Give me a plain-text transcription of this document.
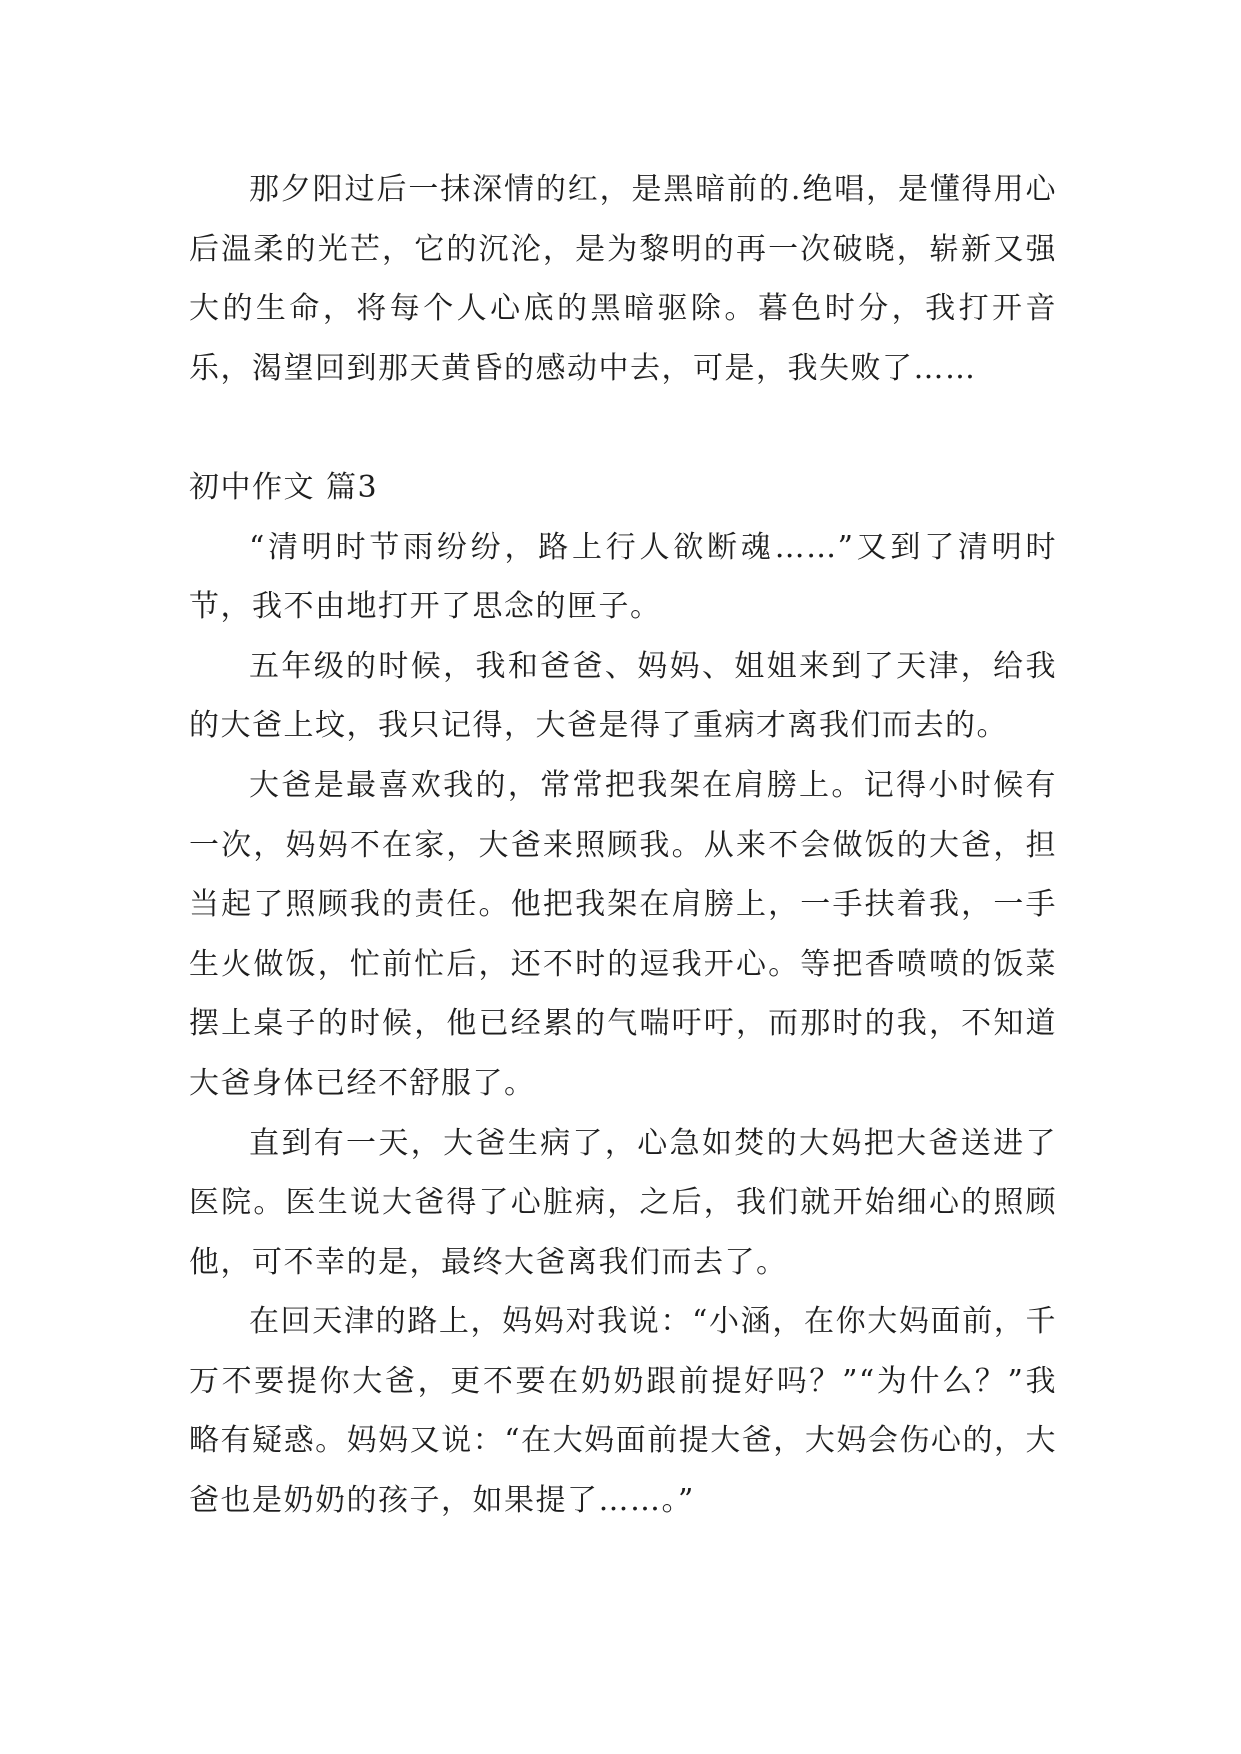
那夕阳过后一抹深情的红，是黑暗前的.绝唱，是懂得用心后温柔的光芒，它的沉沦，是为黎明的再一次破晓，崭新又强大的生命，将每个人心底的黑暗驱除。暮色时分，我打开音乐，渴望回到那天黄昏的感动中去，可是，我失败了……

初中作文 篇3

“清明时节雨纷纷，路上行人欲断魂……”又到了清明时节，我不由地打开了思念的匣子。

五年级的时候，我和爸爸、妈妈、姐姐来到了天津，给我的大爸上坟，我只记得，大爸是得了重病才离我们而去的。

大爸是最喜欢我的，常常把我架在肩膀上。记得小时候有一次，妈妈不在家，大爸来照顾我。从来不会做饭的大爸，担当起了照顾我的责任。他把我架在肩膀上，一手扶着我，一手生火做饭，忙前忙后，还不时的逗我开心。等把香喷喷的饭菜摆上桌子的时候，他已经累的气喘吁吁，而那时的我，不知道大爸身体已经不舒服了。

直到有一天，大爸生病了，心急如焚的大妈把大爸送进了医院。医生说大爸得了心脏病，之后，我们就开始细心的照顾他，可不幸的是，最终大爸离我们而去了。

在回天津的路上，妈妈对我说：“小涵，在你大妈面前，千万不要提你大爸，更不要在奶奶跟前提好吗？”“为什么？”我略有疑惑。妈妈又说：“在大妈面前提大爸，大妈会伤心的，大爸也是奶奶的孩子，如果提了……。”
